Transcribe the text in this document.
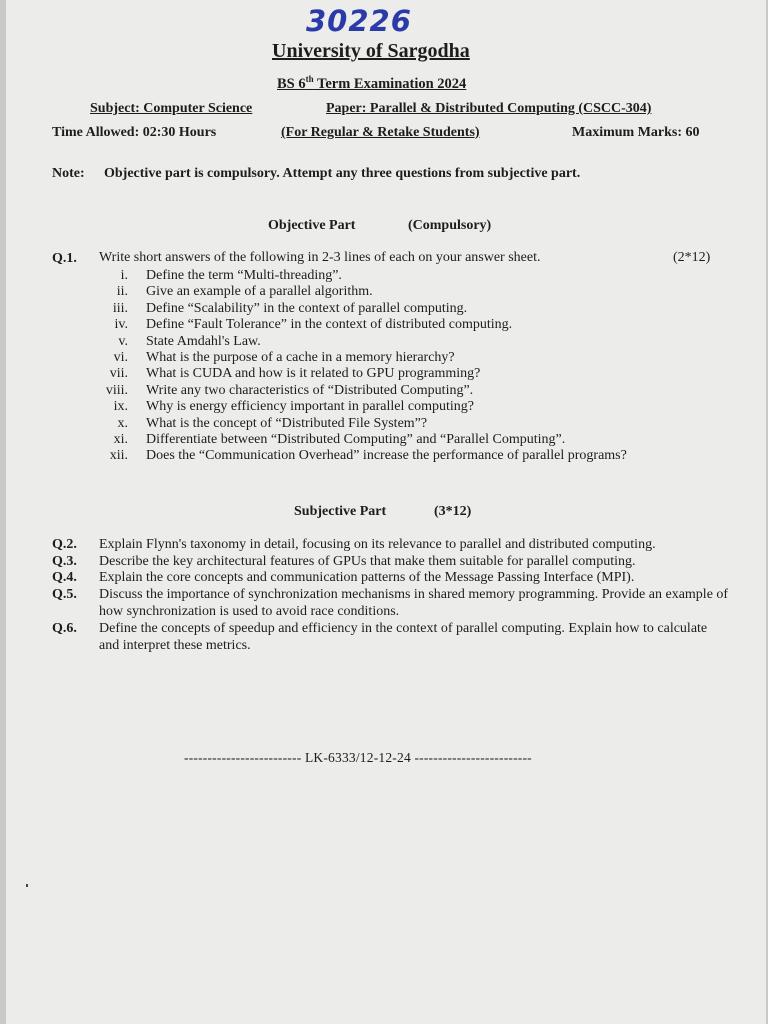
30226
University of Sargodha
BS 6th Term Examination 2024
Subject: Computer Science	Paper: Parallel & Distributed Computing (CSCC-304)
Time Allowed: 02:30 Hours	(For Regular & Retake Students)	Maximum Marks: 60
Note: Objective part is compulsory. Attempt any three questions from subjective part.
Objective Part	(Compulsory)
Q.1. Write short answers of the following in 2-3 lines of each on your answer sheet.	(2*12)
i. Define the term “Multi-threading”.
ii. Give an example of a parallel algorithm.
iii. Define “Scalability” in the context of parallel computing.
iv. Define “Fault Tolerance” in the context of distributed computing.
v. State Amdahl's Law.
vi. What is the purpose of a cache in a memory hierarchy?
vii. What is CUDA and how is it related to GPU programming?
viii. Write any two characteristics of “Distributed Computing”.
ix. Why is energy efficiency important in parallel computing?
x. What is the concept of “Distributed File System”?
xi. Differentiate between “Distributed Computing” and “Parallel Computing”.
xii. Does the “Communication Overhead” increase the performance of parallel programs?
Subjective Part	(3*12)
Q.2. Explain Flynn's taxonomy in detail, focusing on its relevance to parallel and distributed computing.
Q.3. Describe the key architectural features of GPUs that make them suitable for parallel computing.
Q.4. Explain the core concepts and communication patterns of the Message Passing Interface (MPI).
Q.5. Discuss the importance of synchronization mechanisms in shared memory programming. Provide an example of how synchronization is used to avoid race conditions.
Q.6. Define the concepts of speedup and efficiency in the context of parallel computing. Explain how to calculate and interpret these metrics.
------------------------- LK-6333/12-12-24 -------------------------
